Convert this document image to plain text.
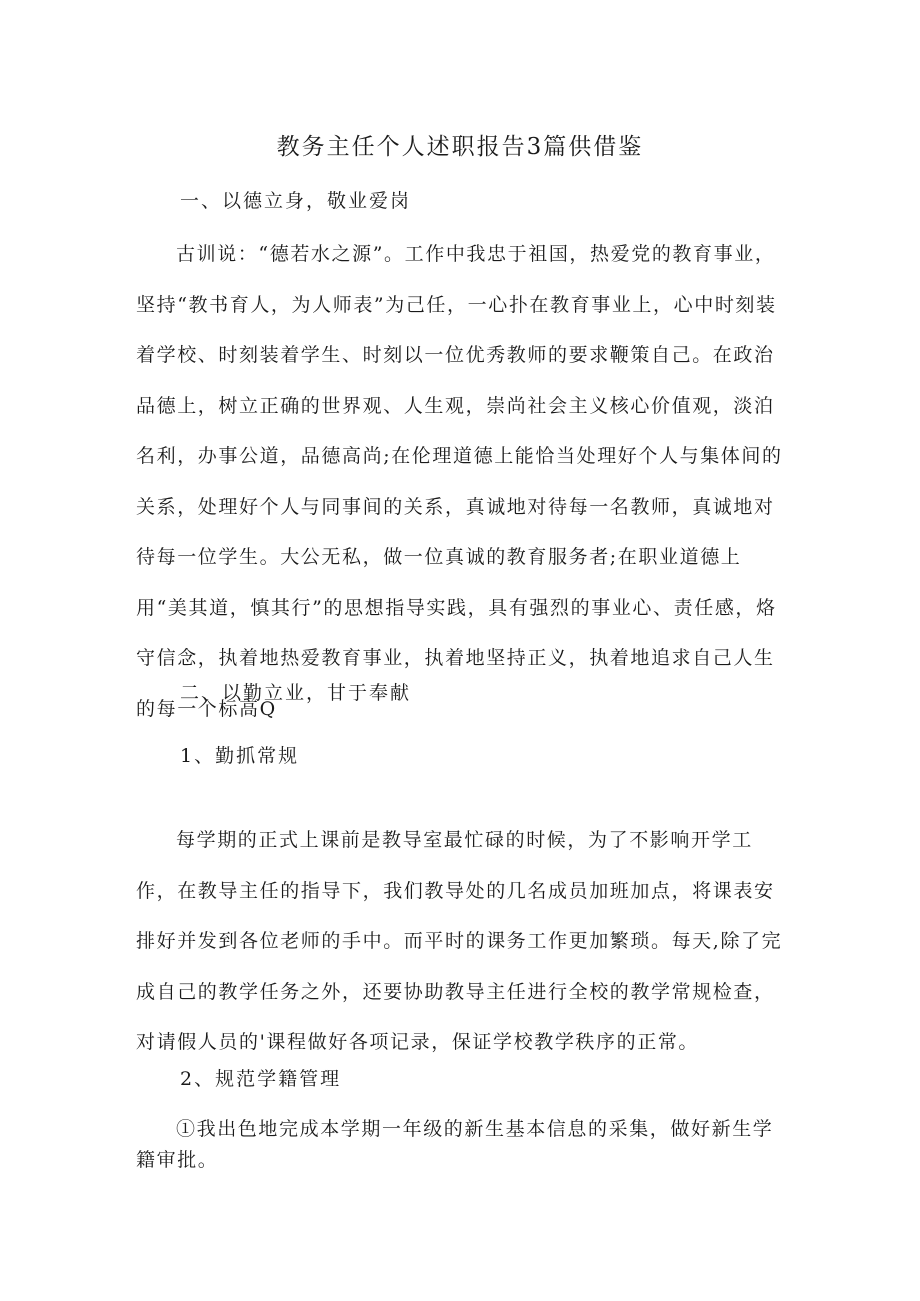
教务主任个人述职报告3篇供借鉴

一、以德立身，敬业爱岗

古训说：“德若水之源”。工作中我忠于祖国，热爱党的教育事业，坚持“教书育人，为人师表”为己任，一心扑在教育事业上，心中时刻装着学校、时刻装着学生、时刻以一位优秀教师的要求鞭策自己。在政治品德上，树立正确的世界观、人生观，崇尚社会主义核心价值观，淡泊名利，办事公道，品德高尚;在伦理道德上能恰当处理好个人与集体间的关系，处理好个人与同事间的关系，真诚地对待每一名教师，真诚地对待每一位学生。大公无私，做一位真诚的教育服务者;在职业道德上用“美其道，慎其行”的思想指导实践，具有强烈的事业心、责任感，烙守信念，执着地热爱教育事业，执着地坚持正义，执着地追求自己人生的每一个标高Q

二、以勤立业，甘于奉献

1、勤抓常规

每学期的正式上课前是教导室最忙碌的时候，为了不影响开学工作，在教导主任的指导下，我们教导处的几名成员加班加点，将课表安排好并发到各位老师的手中。而平时的课务工作更加繁琐。每天,除了完成自己的教学任务之外，还要协助教导主任进行全校的教学常规检查，对请假人员的'课程做好各项记录，保证学校教学秩序的正常。

2、规范学籍管理

①我出色地完成本学期一年级的新生基本信息的采集，做好新生学籍审批。
